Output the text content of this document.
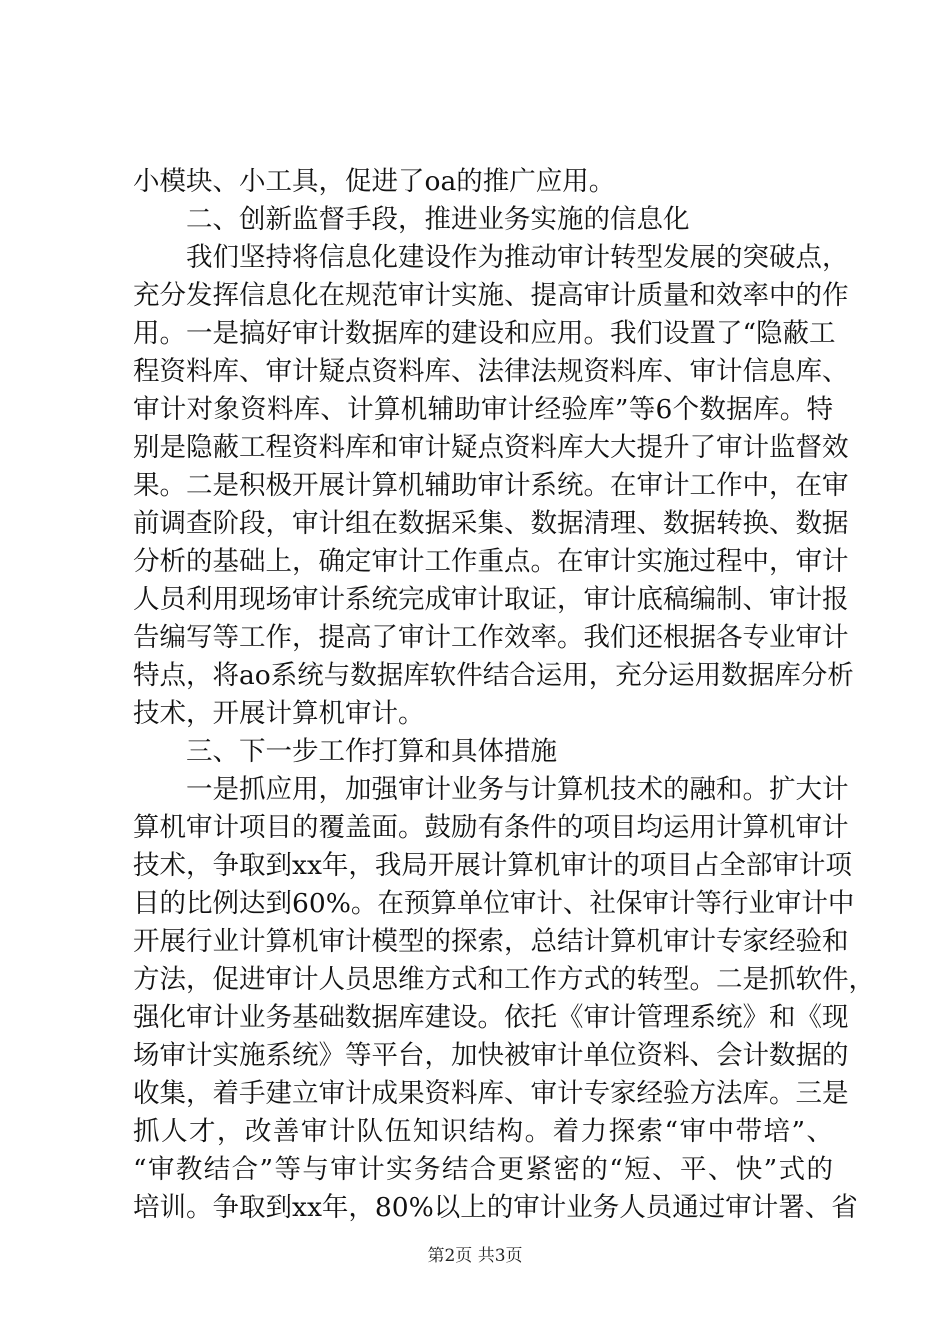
小模块、小工具，促进了oa的推广应用。
二、创新监督手段，推进业务实施的信息化
我们坚持将信息化建设作为推动审计转型发展的突破点，
充分发挥信息化在规范审计实施、提高审计质量和效率中的作
用。一是搞好审计数据库的建设和应用。我们设置了“隐蔽工
程资料库、审计疑点资料库、法律法规资料库、审计信息库、
审计对象资料库、计算机辅助审计经验库”等6个数据库。特
别是隐蔽工程资料库和审计疑点资料库大大提升了审计监督效
果。二是积极开展计算机辅助审计系统。在审计工作中，在审
前调查阶段，审计组在数据采集、数据清理、数据转换、数据
分析的基础上，确定审计工作重点。在审计实施过程中，审计
人员利用现场审计系统完成审计取证，审计底稿编制、审计报
告编写等工作，提高了审计工作效率。我们还根据各专业审计
特点，将ao系统与数据库软件结合运用，充分运用数据库分析
技术，开展计算机审计。
三、下一步工作打算和具体措施
一是抓应用，加强审计业务与计算机技术的融和。扩大计
算机审计项目的覆盖面。鼓励有条件的项目均运用计算机审计
技术，争取到xx年，我局开展计算机审计的项目占全部审计项
目的比例达到60%。在预算单位审计、社保审计等行业审计中
开展行业计算机审计模型的探索，总结计算机审计专家经验和
方法，促进审计人员思维方式和工作方式的转型。二是抓软件，
强化审计业务基础数据库建设。依托《审计管理系统》和《现
场审计实施系统》等平台，加快被审计单位资料、会计数据的
收集，着手建立审计成果资料库、审计专家经验方法库。三是
抓人才，改善审计队伍知识结构。着力探索“审中带培”、
“审教结合”等与审计实务结合更紧密的“短、平、快”式的
培训。争取到xx年，80%以上的审计业务人员通过审计署、省
第2页 共3页
